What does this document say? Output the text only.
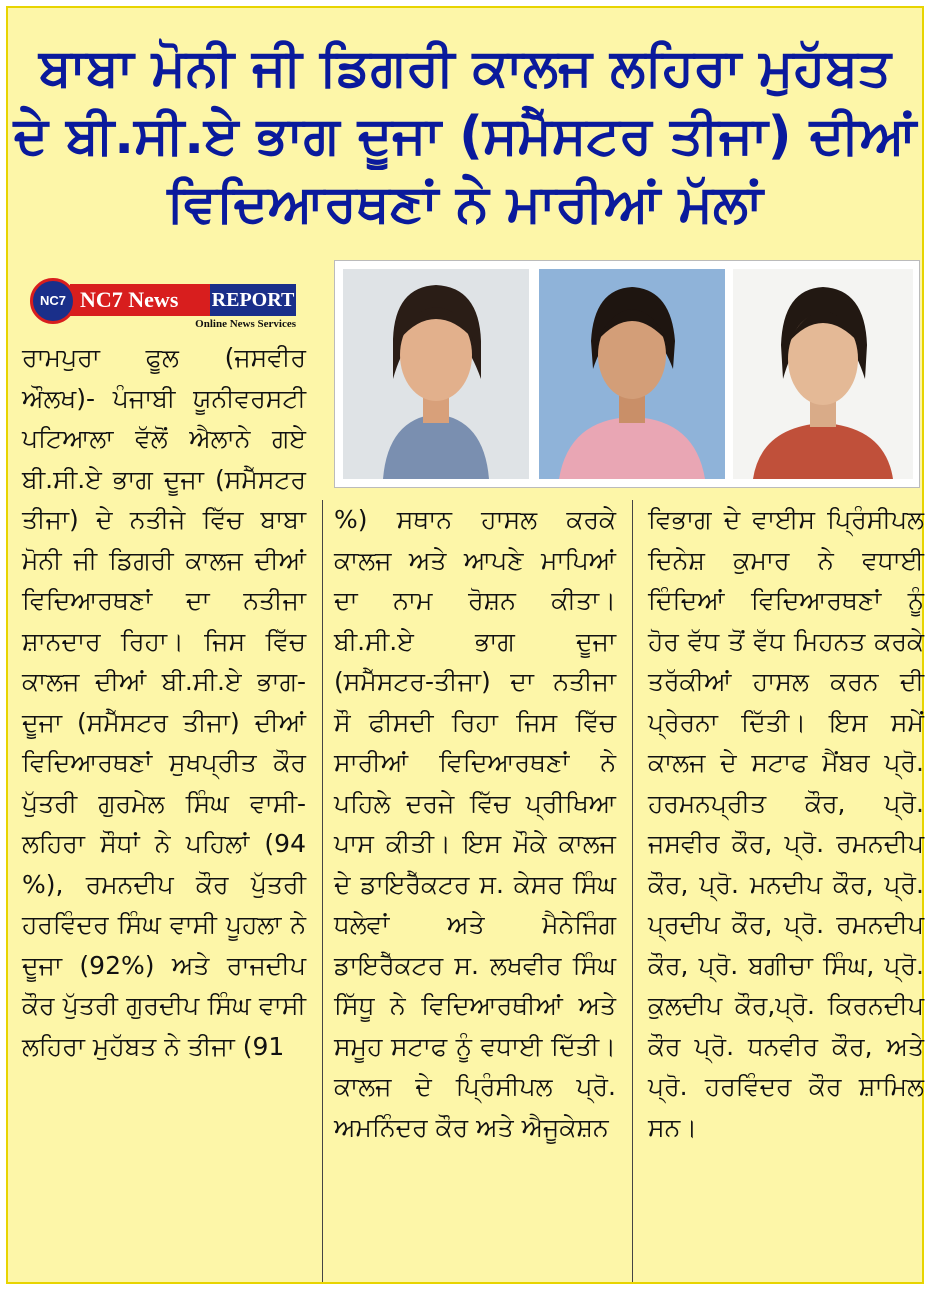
ਬਾਬਾ ਮੋਨੀ ਜੀ ਡਿਗਰੀ ਕਾਲਜ ਲਹਿਰਾ ਮੁਹੱਬਤ
ਦੇ ਬੀ.ਸੀ.ਏ ਭਾਗ ਦੂਜਾ (ਸਮੈੱਸਟਰ ਤੀਜਾ) ਦੀਆਂ
ਵਿਦਿਆਰਥਣਾਂ ਨੇ ਮਾਰੀਆਂ ਮੱਲਾਂ
NC7 News	REPORT
NC7
Online News Services

ਰਾਮਪੁਰਾ ਫੂਲ (ਜਸਵੀਰ ਔਲਖ)- ਪੰਜਾਬੀ ਯੂਨੀਵਰਸਟੀ ਪਟਿਆਲਾ ਵੱਲੋਂ ਐਲਾਨੇ ਗਏ ਬੀ.ਸੀ.ਏ ਭਾਗ ਦੂਜਾ (ਸਮੈੱਸਟਰ ਤੀਜਾ) ਦੇ ਨਤੀਜੇ ਵਿੱਚ ਬਾਬਾ ਮੋਨੀ ਜੀ ਡਿਗਰੀ ਕਾਲਜ ਦੀਆਂ ਵਿਦਿਆਰਥਣਾਂ ਦਾ ਨਤੀਜਾ ਸ਼ਾਨਦਾਰ ਰਿਹਾ। ਜਿਸ ਵਿੱਚ ਕਾਲਜ ਦੀਆਂ ਬੀ.ਸੀ.ਏ ਭਾਗ- ਦੂਜਾ (ਸਮੈੱਸਟਰ ਤੀਜਾ) ਦੀਆਂ ਵਿਦਿਆਰਥਣਾਂ ਸੁਖਪ੍ਰੀਤ ਕੌਰ ਪੁੱਤਰੀ ਗੁਰਮੇਲ ਸਿੰਘ ਵਾਸੀ- ਲਹਿਰਾ ਸੌਧਾਂ ਨੇ ਪਹਿਲਾਂ (94 %), ਰਮਨਦੀਪ ਕੌਰ ਪੁੱਤਰੀ ਹਰਵਿੰਦਰ ਸਿੰਘ ਵਾਸੀ ਪੂਹਲਾ ਨੇ ਦੂਜਾ (92%) ਅਤੇ ਰਾਜਦੀਪ ਕੌਰ ਪੁੱਤਰੀ ਗੁਰਦੀਪ ਸਿੰਘ ਵਾਸੀ ਲਹਿਰਾ ਮੁਹੱਬਤ ਨੇ ਤੀਜਾ (91

%) ਸਥਾਨ ਹਾਸਲ ਕਰਕੇ ਕਾਲਜ ਅਤੇ ਆਪਣੇ ਮਾਪਿਆਂ ਦਾ ਨਾਮ ਰੋਸ਼ਨ ਕੀਤਾ। ਬੀ.ਸੀ.ਏ ਭਾਗ ਦੂਜਾ (ਸਮੈੱਸਟਰ-ਤੀਜਾ) ਦਾ ਨਤੀਜਾ ਸੌ ਫੀਸਦੀ ਰਿਹਾ ਜਿਸ ਵਿੱਚ ਸਾਰੀਆਂ ਵਿਦਿਆਰਥਣਾਂ ਨੇ ਪਹਿਲੇ ਦਰਜੇ ਵਿੱਚ ਪ੍ਰੀਖਿਆ ਪਾਸ ਕੀਤੀ। ਇਸ ਮੌਕੇ ਕਾਲਜ ਦੇ ਡਾਇਰੈੱਕਟਰ ਸ. ਕੇਸਰ ਸਿੰਘ ਧਲੇਵਾਂ ਅਤੇ ਮੈਨੇਜਿੰਗ ਡਾਇਰੈੱਕਟਰ ਸ. ਲਖਵੀਰ ਸਿੰਘ ਸਿੱਧੂ ਨੇ ਵਿਦਿਆਰਥੀਆਂ ਅਤੇ ਸਮੂਹ ਸਟਾਫ ਨੂੰ ਵਧਾਈ ਦਿੱਤੀ।ਕਾਲਜ ਦੇ ਪ੍ਰਿੰਸੀਪਲ ਪ੍ਰੋ. ਅਮਨਿੰਦਰ ਕੌਰ ਅਤੇ ਐਜੂਕੇਸ਼ਨ

ਵਿਭਾਗ ਦੇ ਵਾਈਸ ਪ੍ਰਿੰਸੀਪਲ ਦਿਨੇਸ਼ ਕੁਮਾਰ ਨੇ ਵਧਾਈ ਦਿੰਦਿਆਂ ਵਿਦਿਆਰਥਣਾਂ ਨੂੰ ਹੋਰ ਵੱਧ ਤੋਂ ਵੱਧ ਮਿਹਨਤ ਕਰਕੇ ਤਰੱਕੀਆਂ ਹਾਸਲ ਕਰਨ ਦੀ ਪ੍ਰੇਰਨਾ ਦਿੱਤੀ। ਇਸ ਸਮੇਂ ਕਾਲਜ ਦੇ ਸਟਾਫ ਮੈਂਬਰ ਪ੍ਰੋ. ਹਰਮਨਪ੍ਰੀਤ ਕੌਰ, ਪ੍ਰੋ. ਜਸਵੀਰ ਕੌਰ, ਪ੍ਰੋ. ਰਮਨਦੀਪ ਕੌਰ, ਪ੍ਰੋ. ਮਨਦੀਪ ਕੌਰ, ਪ੍ਰੋ. ਪ੍ਰਦੀਪ ਕੌਰ, ਪ੍ਰੋ. ਰਮਨਦੀਪ ਕੌਰ, ਪ੍ਰੋ. ਬਗੀਚਾ ਸਿੰਘ, ਪ੍ਰੋ. ਕੁਲਦੀਪ ਕੌਰ,ਪ੍ਰੋ. ਕਿਰਨਦੀਪ ਕੌਰ ਪ੍ਰੋ. ਧਨਵੀਰ ਕੌਰ, ਅਤੇ ਪ੍ਰੋ. ਹਰਵਿੰਦਰ ਕੌਰ ਸ਼ਾਮਿਲ ਸਨ।
